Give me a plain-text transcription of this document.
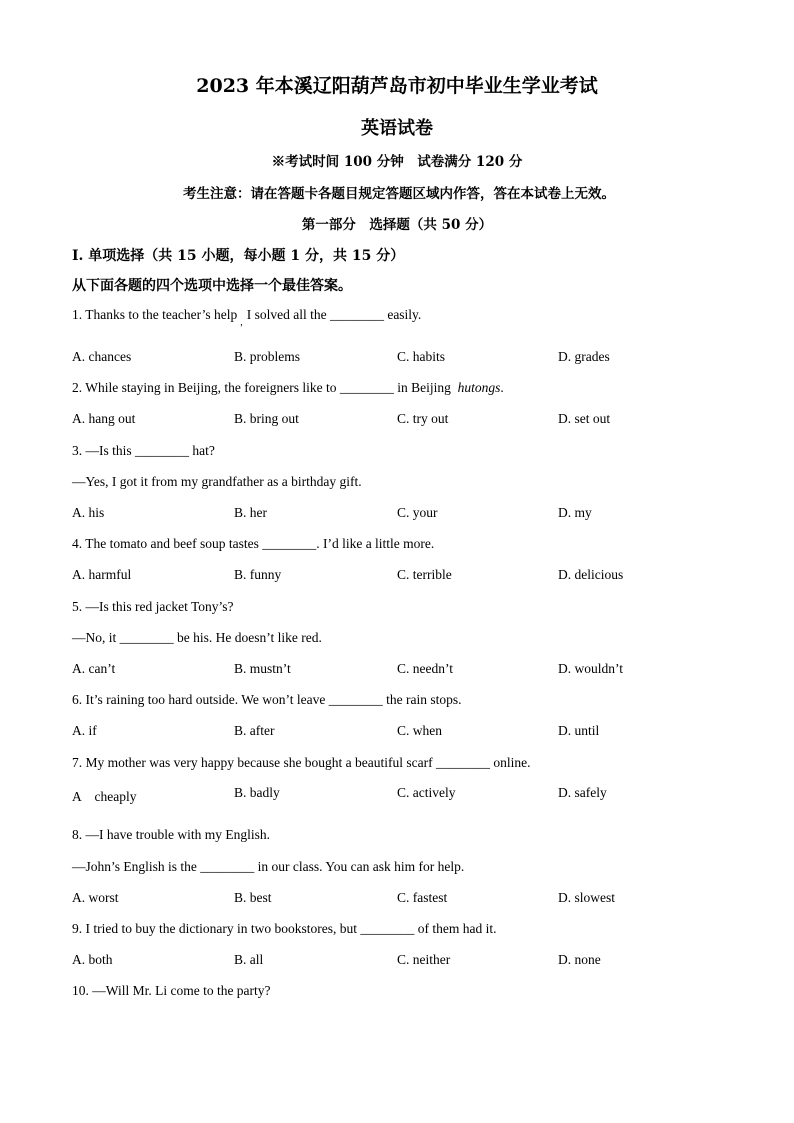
2023 年本溪辽阳葫芦岛市初中毕业生学业考试
英语试卷
※考试时间 100 分钟　试卷满分 120 分
考生注意：请在答题卡各题目规定答题区域内作答，答在本试卷上无效。
第一部分　选择题（共 50 分）
Ⅰ. 单项选择（共 15 小题，每小题 1 分，共 15 分）
从下面各题的四个选项中选择一个最佳答案。
1. Thanks to the teacher’s help$_,$I solved all the ________ easily.
A. chances	B. problems	C. habits	D. grades
2. While staying in Beijing, the foreigners like to ________ in Beijing hutongs.
A. hang out	B. bring out	C. try out	D. set out
3. —Is this ________ hat?
—Yes, I got it from my grandfather as a birthday gift.
A. his	B. her	C. your	D. my
4. The tomato and beef soup tastes ________. I’d like a little more.
A. harmful	B. funny	C. terrible	D. delicious
5. —Is this red jacket Tony’s?
—No, it ________ be his. He doesn’t like red.
A. can’t	B. mustn’t	C. needn’t	D. wouldn’t
6. It’s raining too hard outside. We won’t leave ________ the rain stops.
A. if	B. after	C. when	D. until
7. My mother was very happy because she bought a beautiful scarf ________ online.
A　cheaply	B. badly	C. actively	D. safely
8. —I have trouble with my English.
—John’s English is the ________ in our class. You can ask him for help.
A. worst	B. best	C. fastest	D. slowest
9. I tried to buy the dictionary in two bookstores, but ________ of them had it.
A. both	B. all	C. neither	D. none
10. —Will Mr. Li come to the party?
